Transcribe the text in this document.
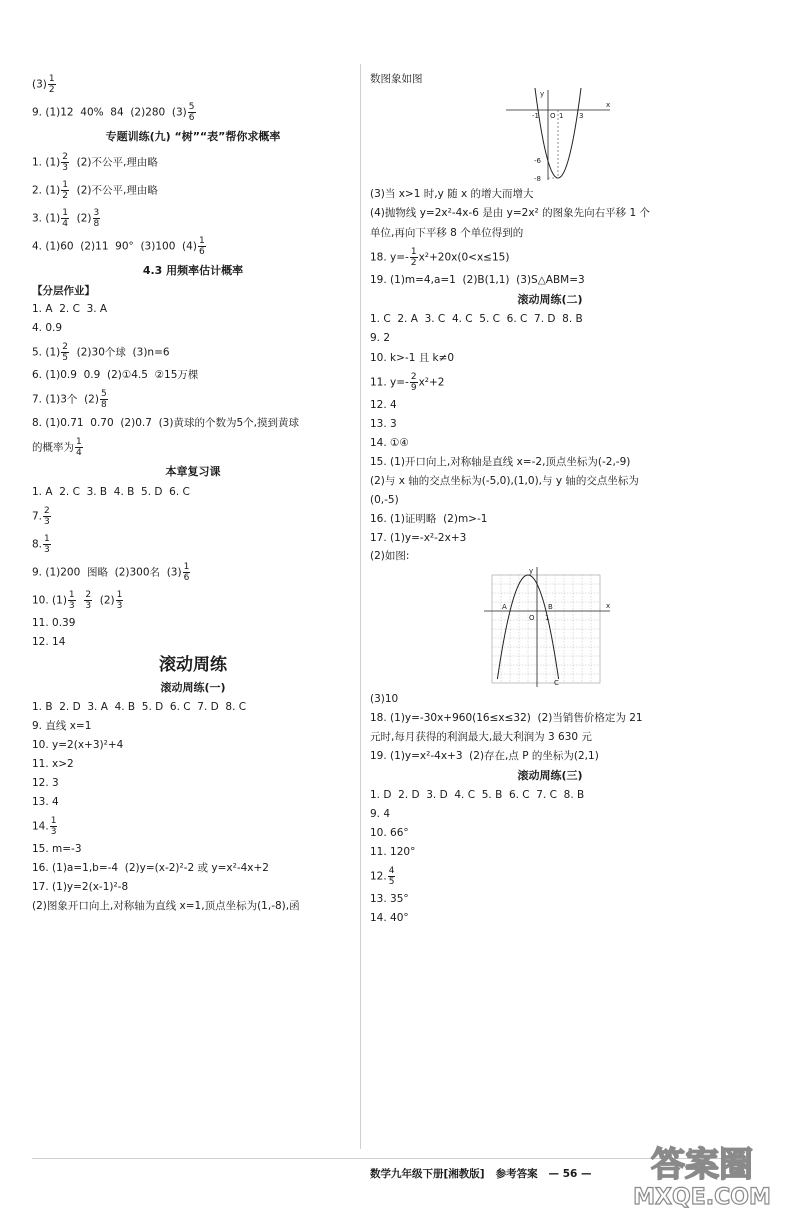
$(3) \frac{1}{2}$
9. (1)12  40%  84  (2)280  $(3) \frac{5}{6}$
专题训练(九) “树”“表”帮你求概率
1. $(1) \frac{2}{3} (2)$不公平,理由略
2. $(1) \frac{1}{2} (2)$不公平,理由略
3. $(1) \frac{1}{4} (2) \frac{3}{8}$
4. (1)60  (2)11  90°  (3)100  $(4) \frac{1}{6}$
4.3 用频率估计概率
【分层作业】
1. A  2. C  3. A
4. 0.9
5. $(1) \frac{2}{5} (2)30$个球  (3)n=6
6. (1)0.9  0.9  (2)①4.5  ②15万棵
7. (1)3个  $(2) \frac{5}{8}$
8. (1)0.71  0.70  (2)0.7  (3)黄球的个数为5个,摸到黄球
的概率为 $\frac{1}{4}$
本章复习课
1. A  2. C  3. B  4. B  5. D  6. C
7. $\frac{2}{3}$
8. $\frac{1}{3}$
9. (1)200  图略  (2)300名  $(3) \frac{1}{6}$
10. $(1) \frac{1}{3}$
$\frac{2}{3} (2) \frac{1}{3}$
11. 0.39
12. 14
滚动周练
滚动周练(一)
1. B  2. D  3. A  4. B  5. D  6. C  7. D  8. C
9. 直线 x=1
10. y=2(x+3)²+4
11. x>2
12. 3
13. 4
14. $\frac{1}{3}$
15. m=-3
16. (1)a=1,b=-4  (2)y=(x-2)²-2 或 y=x²-4x+2
17. (1)y=2(x-1)²-8
(2)图象开口向上,对称轴为直线 x=1,顶点坐标为(1,-8),函
数图象如图
y
x
O
-1	1 3
-6
-8
(3)当 x>1 时,y 随 x 的增大而增大
(4)抛物线 y=2x²-4x-6 是由 y=2x² 的图象先向右平移 1 个
单位,再向下平移 8 个单位得到的
18. $y=- \frac{1}{2} x^2+20x(0<x\le 15)$
19. (1)m=4,a=1  (2)B(1,1)  (3)S△ABM=3
滚动周练(二)
1. C  2. A  3. C  4. C  5. C  6. C  7. D  8. B
9. 2
10. k>-1 且 k≠0
11. $y=- \frac{2}{9} x^2+2$
12. 4
13. 3
14. ①④
15. (1)开口向上,对称轴是直线 x=-2,顶点坐标为(-2,-9)
(2)与 x 轴的交点坐标为(-5,0),(1,0),与 y 轴的交点坐标为
(0,-5)
16. (1)证明略  (2)m>-1
17. (1)y=-x²-2x+3
(2)如图:
y
x
O
A	B
C
1
(3)10
18. (1)y=-30x+960(16≤x≤32)  (2)当销售价格定为 21
元时,每月获得的利润最大,最大利润为 3 630 元
19. (1)y=x²-4x+3  (2)存在,点 P 的坐标为(2,1)
滚动周练(三)
1. D  2. D  3. D  4. C  5. B  6. C  7. C  8. B
9. 4
10. 66°
11. 120°
12. $\frac{4}{5}$
13. 35°
14. 40°
数学九年级下册[湘教版] 参考答案 — 56 — 答案圈
MXQE.COM
